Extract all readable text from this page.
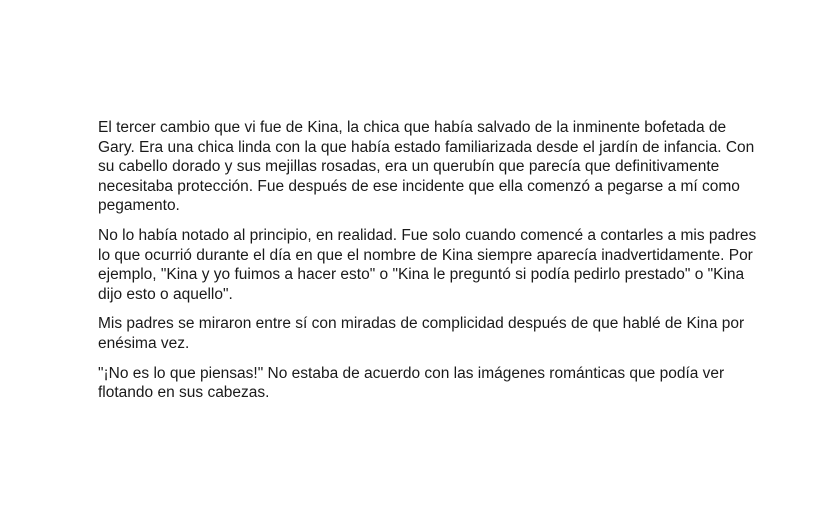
El tercer cambio que vi fue de Kina, la chica que había salvado de la inminente bofetada de Gary. Era una chica linda con la que había estado familiarizada desde el jardín de infancia. Con su cabello dorado y sus mejillas rosadas, era un querubín que parecía que definitivamente necesitaba protección. Fue después de ese incidente que ella comenzó a pegarse a mí como pegamento.

No lo había notado al principio, en realidad. Fue solo cuando comencé a contarles a mis padres lo que ocurrió durante el día en que el nombre de Kina siempre aparecía inadvertidamente. Por ejemplo, "Kina y yo fuimos a hacer esto" o "Kina le preguntó si podía pedirlo prestado" o "Kina dijo esto o aquello".

Mis padres se miraron entre sí con miradas de complicidad después de que hablé de Kina por enésima vez.

"¡No es lo que piensas!" No estaba de acuerdo con las imágenes románticas que podía ver flotando en sus cabezas.
